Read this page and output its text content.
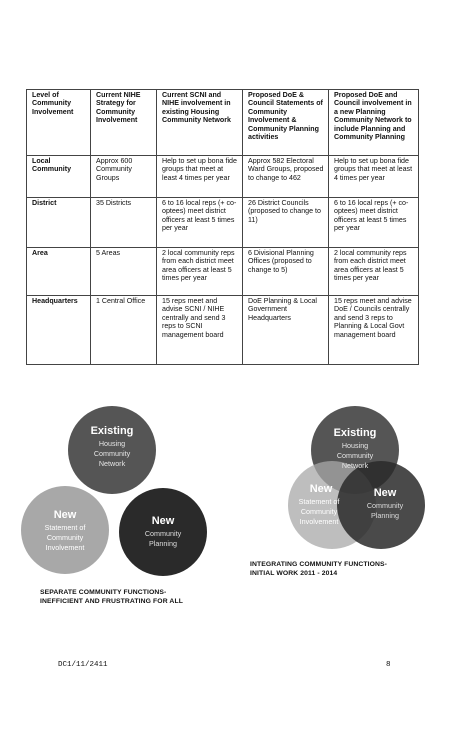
Level of Community Involvement	Current NIHE Strategy for Community Involvement	Current SCNI and NIHE involvement in existing Housing Community Network	Proposed DoE & Council Statements of Community Involvement & Community Planning activities	Proposed DoE and Council involvement in a new Planning Community Network to include Planning and Community Planning
Local Community	Approx 600 Community Groups	Help to set up bona fide groups that meet at least 4 times per year	Approx 582 Electoral Ward Groups, proposed to change to 462	Help to set up bona fide groups that meet at least 4 times per year
District	35 Districts	6 to 16 local reps (+ co-optees) meet district officers at least 5 times per year	26 District Councils (proposed to change to 11)	6 to 16 local reps (+ co-optees) meet district officers at least 5 times per year
Area	5 Areas	2 local community reps from each district meet area officers at least 5 times per year	6 Divisional Planning Offices (proposed to change to 5)	2 local community reps from each district meet area officers at least 5 times per year
Headquarters	1 Central Office	15 reps meet and advise SCNI / NIHE centrally and send 3 reps to SCNI management board	DoE Planning & Local Government Headquarters	15 reps meet and advise DoE / Councils centrally and send 3 reps to Planning & Local Govt management board
Existing
Housing
Community
Network
New
Statement of
Community
Involvement
New
Community
Planning
SEPARATE COMMUNITY FUNCTIONS-
INEFFICIENT AND FRUSTRATING FOR ALL
Existing
Housing
Community
Network
New
Statement of
Community
Involvement
New
Community
Planning
INTEGRATING COMMUNITY FUNCTIONS-
INITIAL WORK 2011 - 2014
DC1/11/2411	8
